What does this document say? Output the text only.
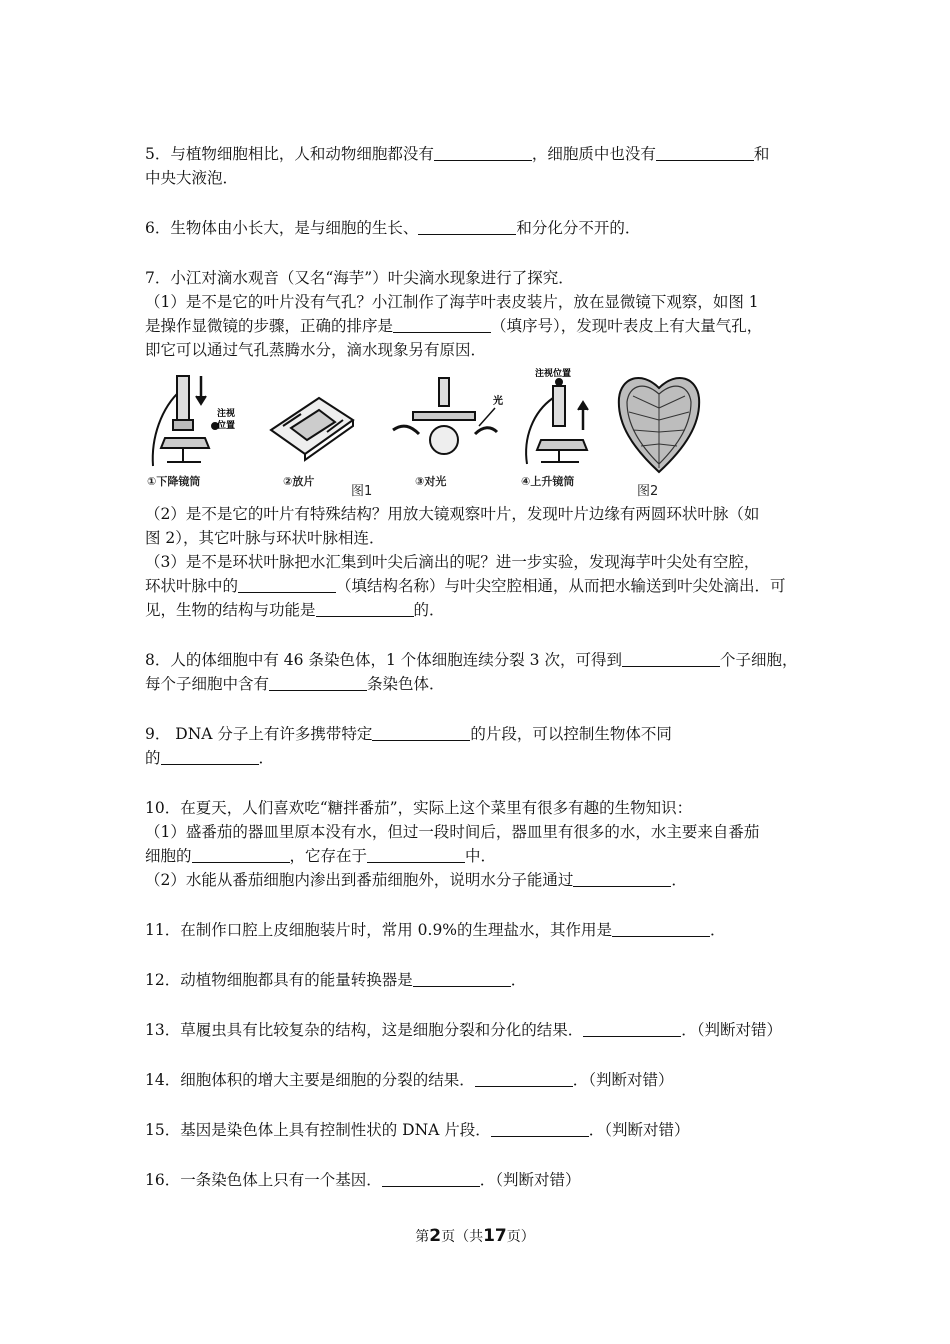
5．与植物细胞相比，人和动物细胞都没有	，细胞质中也没有	和
中央大液泡．
6．生物体由小长大，是与细胞的生长、	和分化分不开的．
7．小江对滴水观音（又名“海芋”）叶尖滴水现象进行了探究．
（1）是不是它的叶片没有气孔？小江制作了海芋叶表皮装片，放在显微镜下观察，如图 1
是操作显微镜的步骤，正确的排序是	（填序号），发现叶表皮上有大量气孔，
即它可以通过气孔蒸腾水分，滴水现象另有原因．
注视
位置
①下降镜筒	②放片
光
③对光
注视位置
④上升镜筒
图1	图2
（2）是不是它的叶片有特殊结构？用放大镜观察叶片，发现叶片边缘有两圆环状叶脉（如
图 2），其它叶脉与环状叶脉相连．
（3）是不是环状叶脉把水汇集到叶尖后滴出的呢？进一步实验，发现海芋叶尖处有空腔，
环状叶脉中的	（填结构名称）与叶尖空腔相通，从而把水输送到叶尖处滴出．可
见，生物的结构与功能是	的．
8．人的体细胞中有 46 条染色体，1 个体细胞连续分裂 3 次，可得到	个子细胞，
每个子细胞中含有	条染色体．
9． DNA 分子上有许多携带特定	的片段，可以控制生物体不同
的	．
10．在夏天，人们喜欢吃“糖拌番茄”，实际上这个菜里有很多有趣的生物知识：
（1）盛番茄的器皿里原本没有水，但过一段时间后，器皿里有很多的水，水主要来自番茄
细胞的	，它存在于	中．
（2）水能从番茄细胞内渗出到番茄细胞外，说明水分子能通过	．
11．在制作口腔上皮细胞装片时，常用 0.9%的生理盐水，其作用是	．
12．动植物细胞都具有的能量转换器是	．
13．草履虫具有比较复杂的结构，这是细胞分裂和分化的结果．	．（判断对错）
14．细胞体积的增大主要是细胞的分裂的结果．	．（判断对错）
15．基因是染色体上具有控制性状的 DNA 片段．	．（判断对错）
16．一条染色体上只有一个基因．	．（判断对错）
第2页（共17页）
